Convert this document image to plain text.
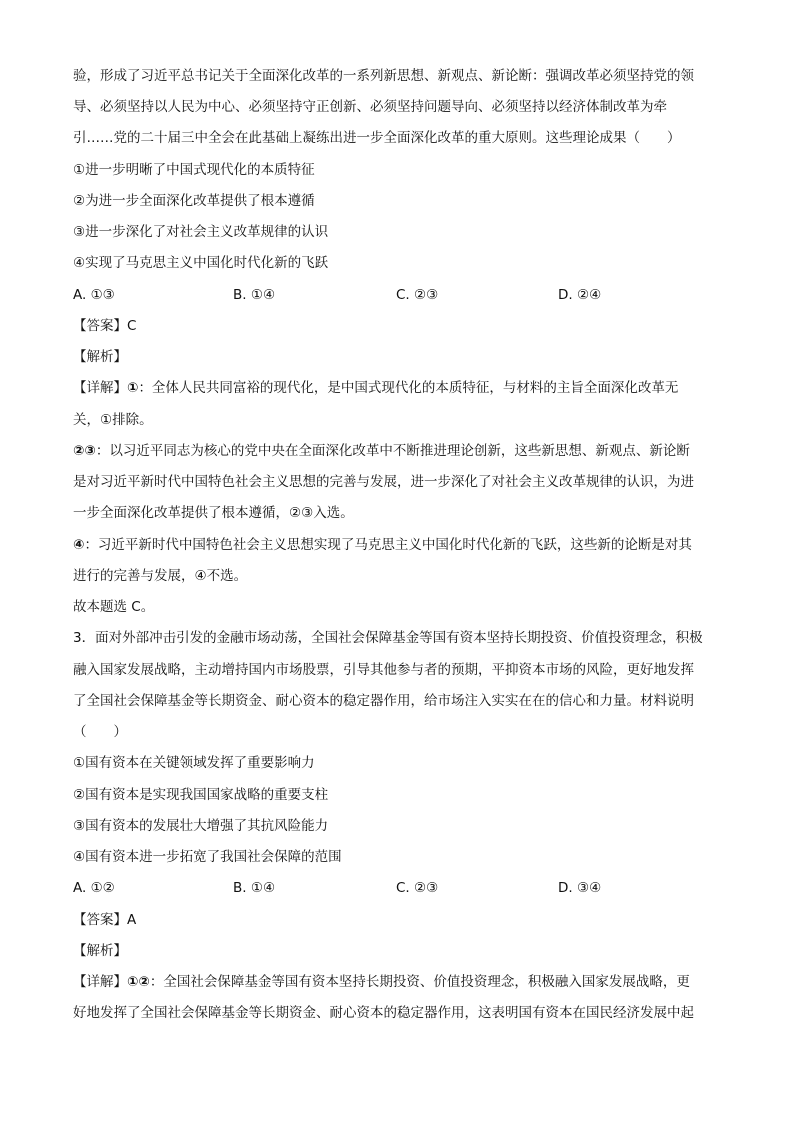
验，形成了习近平总书记关于全面深化改革的一系列新思想、新观点、新论断：强调改革必须坚持党的领
导、必须坚持以人民为中心、必须坚持守正创新、必须坚持问题导向、必须坚持以经济体制改革为牵
引……党的二十届三中全会在此基础上凝练出进一步全面深化改革的重大原则。这些理论成果（　　）
①进一步明晰了中国式现代化的本质特征
②为进一步全面深化改革提供了根本遵循
③进一步深化了对社会主义改革规律的认识
④实现了马克思主义中国化时代化新的飞跃
A. ①③	B. ①④	C. ②③	D. ②④
【答案】C
【解析】
【详解】①：全体人民共同富裕的现代化，是中国式现代化的本质特征，与材料的主旨全面深化改革无
关，①排除。
②③：以习近平同志为核心的党中央在全面深化改革中不断推进理论创新，这些新思想、新观点、新论断
是对习近平新时代中国特色社会主义思想的完善与发展，进一步深化了对社会主义改革规律的认识，为进
一步全面深化改革提供了根本遵循，②③入选。
④：习近平新时代中国特色社会主义思想实现了马克思主义中国化时代化新的飞跃，这些新的论断是对其
进行的完善与发展，④不选。
故本题选 C。
3．面对外部冲击引发的金融市场动荡，全国社会保障基金等国有资本坚持长期投资、价值投资理念，积极
融入国家发展战略，主动增持国内市场股票，引导其他参与者的预期，平抑资本市场的风险，更好地发挥
了全国社会保障基金等长期资金、耐心资本的稳定器作用，给市场注入实实在在的信心和力量。材料说明
（　　）
①国有资本在关键领域发挥了重要影响力
②国有资本是实现我国国家战略的重要支柱
③国有资本的发展壮大增强了其抗风险能力
④国有资本进一步拓宽了我国社会保障的范围
A. ①②	B. ①④	C. ②③	D. ③④
【答案】A
【解析】
【详解】①②：全国社会保障基金等国有资本坚持长期投资、价值投资理念，积极融入国家发展战略，更
好地发挥了全国社会保障基金等长期资金、耐心资本的稳定器作用，这表明国有资本在国民经济发展中起
